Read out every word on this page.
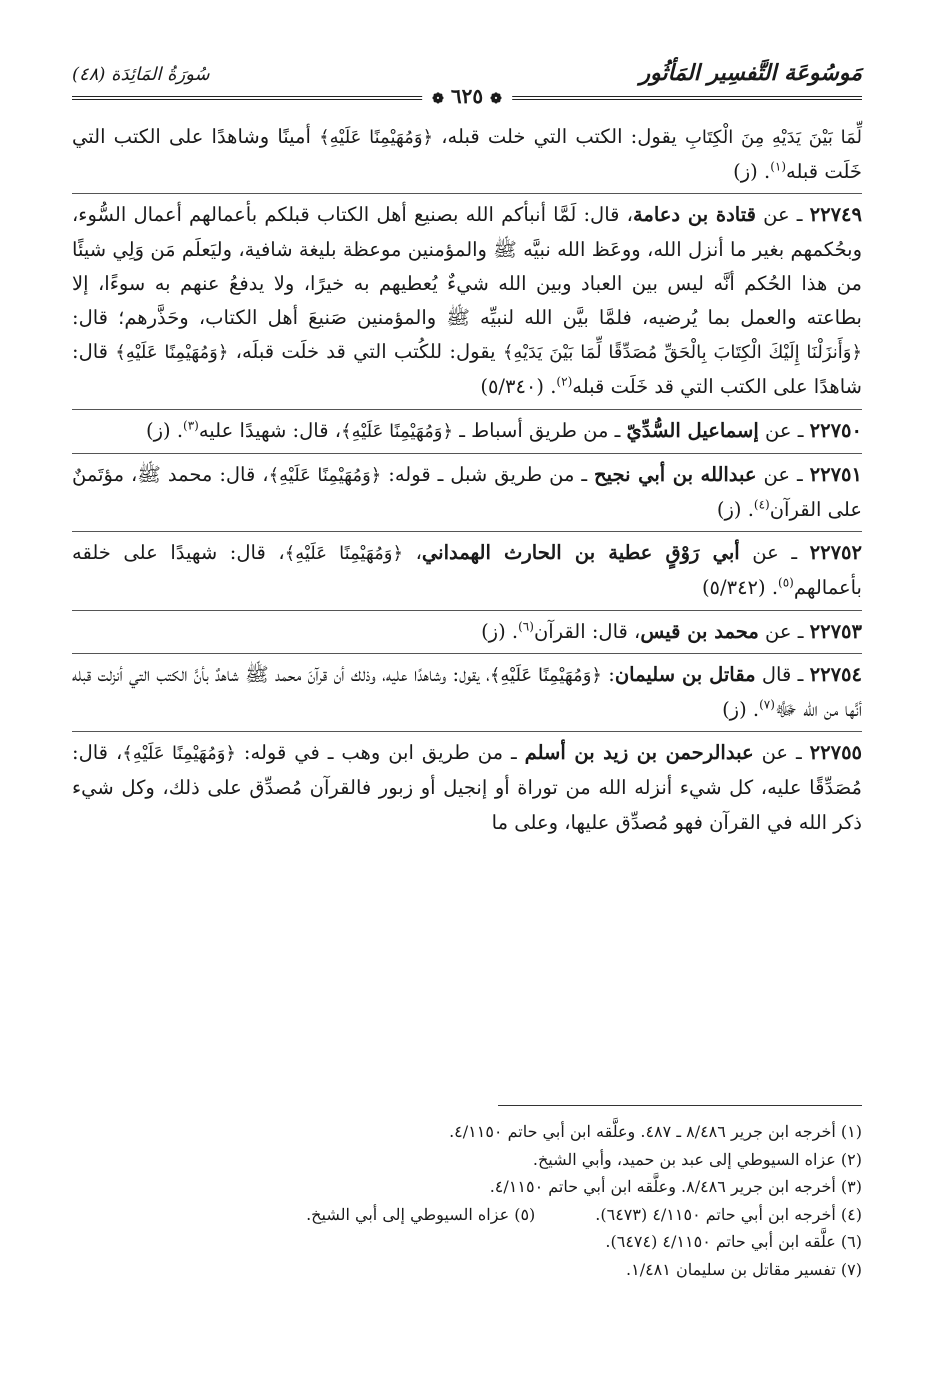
مَوسُوعَة التَّفسِير المَأثُور
سُورَةُ المَائِدَة (٤٨)
❁ ٦٢٥ ❁

لِّمَا بَيْنَ يَدَيْهِ مِنَ الْكِتَابِ يقول: الكتب التي خلت قبله، ﴿وَمُهَيْمِنًا عَلَيْهِ﴾ أمينًا وشاهدًا على الكتب التي خَلَت قبله$^{(١)}$. (ز)

٢٢٧٤٩ ـ عن قتادة بن دعامة، قال: لَمَّا أنبأكم الله بصنيع أهل الكتاب قبلكم بأعمالهم أعمال السُّوء، وبحُكمهم بغير ما أنزل الله، ووعَظ الله نبيَّه ﷺ والمؤمنين موعظة بليغة شافية، وليَعلَم مَن وَلِي شيئًا من هذا الحُكم أنَّه ليس بين العباد وبين الله شيءٌ يُعطيهم به خيرًا، ولا يدفعُ عنهم به سوءًا، إلا بطاعته والعمل بما يُرضيه، فلمَّا بيَّن الله لنبيِّه ﷺ والمؤمنين صَنيعَ أهل الكتاب، وحَذَّرهم؛ قال: ﴿وَأَنزَلْنَا إِلَيْكَ الْكِتَابَ بِالْحَقِّ مُصَدِّقًا لِّمَا بَيْنَ يَدَيْهِ﴾ يقول: للكُتب التي قد خلَت قبلَه، ﴿وَمُهَيْمِنًا عَلَيْهِ﴾ قال: شاهدًا على الكتب التي قد خَلَت قبله$^{(٢)}$. (٥/٣٤٠)

٢٢٧٥٠ ـ عن إسماعيل السُّدِّيّ ـ من طريق أسباط ـ ﴿وَمُهَيْمِنًا عَلَيْهِ﴾، قال: شهيدًا عليه$^{(٣)}$. (ز)

٢٢٧٥١ ـ عن عبدالله بن أبي نجيح ـ من طريق شبل ـ قوله: ﴿وَمُهَيْمِنًا عَلَيْهِ﴾، قال: محمد ﷺ، مؤتَمنٌ على القرآن$^{(٤)}$. (ز)

٢٢٧٥٢ ـ عن أبي رَوْقٍ عطية بن الحارث الهمداني، ﴿وَمُهَيْمِنًا عَلَيْهِ﴾، قال: شهيدًا على خلقه بأعمالهم$^{(٥)}$. (٥/٣٤٢)

٢٢٧٥٣ ـ عن محمد بن قيس، قال: القرآن$^{(٦)}$. (ز)

٢٢٧٥٤ ـ قال مقاتل بن سليمان: ﴿وَمُهَيْمِنًا عَلَيْهِ﴾، يقول: وشاهدًا عليه، وذلك أن قرآنَ محمد ﷺ شاهدٌ بأنَّ الكتب التي أنزلت قبله أنَّها من الله ﷻ$^{(٧)}$. (ز)

٢٢٧٥٥ ـ عن عبدالرحمن بن زيد بن أسلم ـ من طريق ابن وهب ـ في قوله: ﴿وَمُهَيْمِنًا عَلَيْهِ﴾، قال: مُصَدِّقًا عليه، كل شيء أنزله الله من توراة أو إنجيل أو زبور فالقرآن مُصدِّق على ذلك، وكل شيء ذكر الله في القرآن فهو مُصدِّق عليها، وعلى ما

(١) أخرجه ابن جرير ٨/٤٨٦ ـ ٤٨٧. وعلَّقه ابن أبي حاتم ٤/١١٥٠.
(٢) عزاه السيوطي إلى عبد بن حميد، وأبي الشيخ.
(٣) أخرجه ابن جرير ٨/٤٨٦. وعلَّقه ابن أبي حاتم ٤/١١٥٠.
(٤) أخرجه ابن أبي حاتم ٤/١١٥٠ (٦٤٧٣).
(٥) عزاه السيوطي إلى أبي الشيخ.
(٦) علَّقه ابن أبي حاتم ٤/١١٥٠ (٦٤٧٤).
(٧) تفسير مقاتل بن سليمان ١/٤٨١.
